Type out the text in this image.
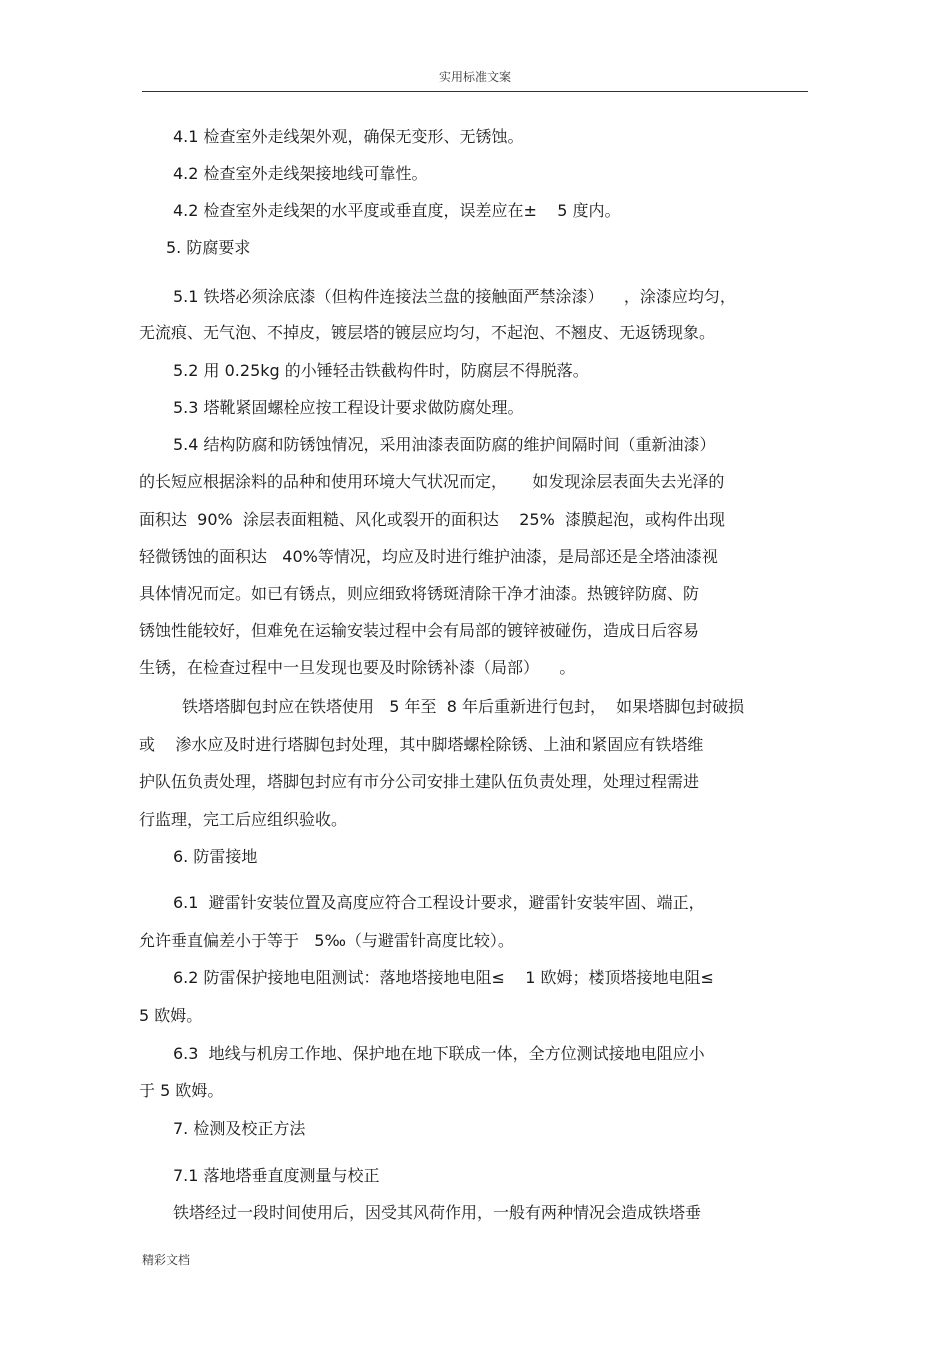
实用标准文案
4.1 检查室外走线架外观，确保无变形、无锈蚀。
4.2 检查室外走线架接地线可靠性。
4.2 检查室外走线架的水平度或垂直度，误差应在±    5 度内。
5. 防腐要求
5.1 铁塔必须涂底漆（但构件连接法兰盘的接触面严禁涂漆）    ，涂漆应均匀，
无流痕、无气泡、不掉皮，镀层塔的镀层应均匀，不起泡、不翘皮、无返锈现象。
5.2 用 0.25kg 的小锤轻击铁截构件时，防腐层不得脱落。
5.3 塔靴紧固螺栓应按工程设计要求做防腐处理。
5.4 结构防腐和防锈蚀情况，采用油漆表面防腐的维护间隔时间（重新油漆）
的长短应根据涂料的品种和使用环境大气状况而定，     如发现涂层表面失去光泽的
面积达  90%  涂层表面粗糙、风化或裂开的面积达    25%  漆膜起泡，或构件出现
轻微锈蚀的面积达   40%等情况，均应及时进行维护油漆，是局部还是全塔油漆视
具体情况而定。如已有锈点，则应细致将锈斑清除干净才油漆。热镀锌防腐、防
锈蚀性能较好，但难免在运输安装过程中会有局部的镀锌被碰伤，造成日后容易
生锈，在检查过程中一旦发现也要及时除锈补漆（局部）    。
铁塔塔脚包封应在铁塔使用   5 年至  8 年后重新进行包封，  如果塔脚包封破损
或    渗水应及时进行塔脚包封处理，其中脚塔螺栓除锈、上油和紧固应有铁塔维
护队伍负责处理，塔脚包封应有市分公司安排土建队伍负责处理，处理过程需进
行监理，完工后应组织验收。
6. 防雷接地
6.1  避雷针安装位置及高度应符合工程设计要求，避雷针安装牢固、端正，
允许垂直偏差小于等于   5‰（与避雷针高度比较）。
6.2 防雷保护接地电阻测试：落地塔接地电阻≤    1 欧姆；楼顶塔接地电阻≤
5 欧姆。
6.3  地线与机房工作地、保护地在地下联成一体，全方位测试接地电阻应小
于 5 欧姆。
7. 检测及校正方法
7.1 落地塔垂直度测量与校正
铁塔经过一段时间使用后，因受其风荷作用，一般有两种情况会造成铁塔垂
精彩文档
